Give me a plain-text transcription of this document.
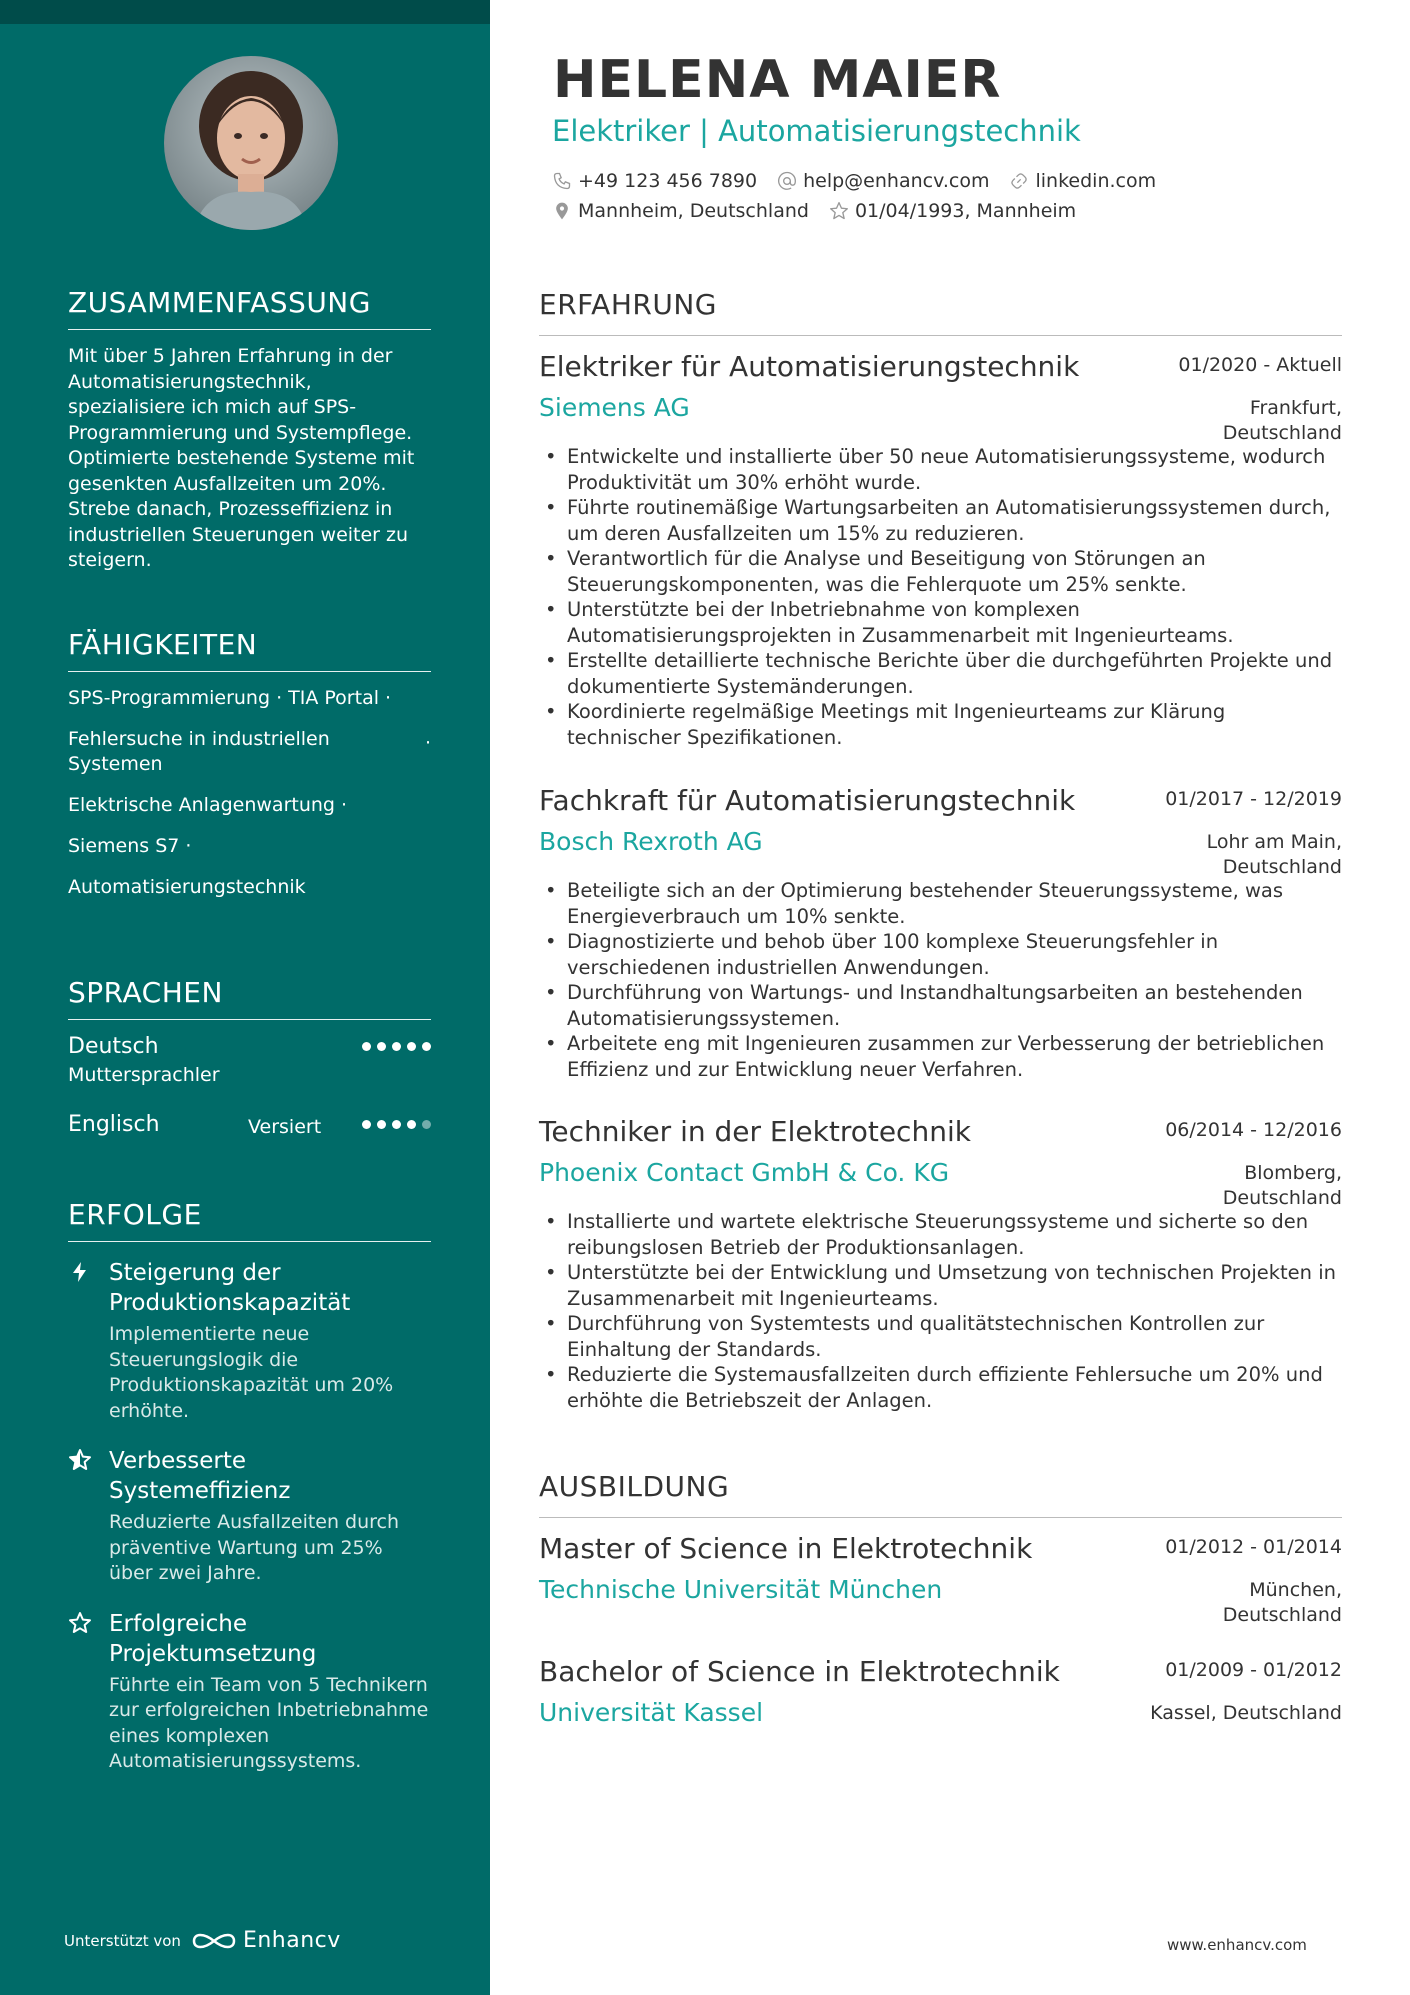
ZUSAMMENFASSUNG
Mit über 5 Jahren Erfahrung in der Automatisierungstechnik, spezialisiere ich mich auf SPS-Programmierung und Systempflege. Optimierte bestehende Systeme mit gesenkten Ausfallzeiten um 20%. Strebe danach, Prozesseffizienz in industriellen Steuerungen weiter zu steigern.
FÄHIGKEITEN
SPS-Programmierung · TIA Portal ·
Fehlersuche in industriellen Systemen
·
Elektrische Anlagenwartung ·
Siemens S7 ·
Automatisierungstechnik
SPRACHEN
Deutsch
Muttersprachler
Englisch	Versiert
ERFOLGE
Steigerung der Produktionskapazität
Implementierte neue Steuerungslogik die Produktionskapazität um 20% erhöhte.
Verbesserte Systemeffizienz
Reduzierte Ausfallzeiten durch präventive Wartung um 25% über zwei Jahre.
Erfolgreiche Projektumsetzung
Führte ein Team von 5 Technikern zur erfolgreichen Inbetriebnahme eines komplexen Automatisierungssystems.
Unterstützt von	Enhancv
HELENA MAIER
Elektriker | Automatisierungstechnik
+49 123 456 7890 help@enhancv.com linkedin.com
Mannheim, Deutschland 01/04/1993, Mannheim
ERFAHRUNG
Elektriker für Automatisierungstechnik	01/2020 - Aktuell
Siemens AG	Frankfurt, Deutschland
• Entwickelte und installierte über 50 neue Automatisierungssysteme, wodurch Produktivität um 30% erhöht wurde.
• Führte routinemäßige Wartungsarbeiten an Automatisierungssystemen durch, um deren Ausfallzeiten um 15% zu reduzieren.
• Verantwortlich für die Analyse und Beseitigung von Störungen an Steuerungskomponenten, was die Fehlerquote um 25% senkte.
• Unterstützte bei der Inbetriebnahme von komplexen Automatisierungsprojekten in Zusammenarbeit mit Ingenieurteams.
• Erstellte detaillierte technische Berichte über die durchgeführten Projekte und dokumentierte Systemänderungen.
• Koordinierte regelmäßige Meetings mit Ingenieurteams zur Klärung technischer Spezifikationen.
Fachkraft für Automatisierungstechnik	01/2017 - 12/2019
Bosch Rexroth AG	Lohr am Main, Deutschland
• Beteiligte sich an der Optimierung bestehender Steuerungssysteme, was Energieverbrauch um 10% senkte.
• Diagnostizierte und behob über 100 komplexe Steuerungsfehler in verschiedenen industriellen Anwendungen.
• Durchführung von Wartungs- und Instandhaltungsarbeiten an bestehenden Automatisierungssystemen.
• Arbeitete eng mit Ingenieuren zusammen zur Verbesserung der betrieblichen Effizienz und zur Entwicklung neuer Verfahren.
Techniker in der Elektrotechnik	06/2014 - 12/2016
Phoenix Contact GmbH & Co. KG	Blomberg, Deutschland
• Installierte und wartete elektrische Steuerungssysteme und sicherte so den reibungslosen Betrieb der Produktionsanlagen.
• Unterstützte bei der Entwicklung und Umsetzung von technischen Projekten in Zusammenarbeit mit Ingenieurteams.
• Durchführung von Systemtests und qualitätstechnischen Kontrollen zur Einhaltung der Standards.
• Reduzierte die Systemausfallzeiten durch effiziente Fehlersuche um 20% und erhöhte die Betriebszeit der Anlagen.
AUSBILDUNG
Master of Science in Elektrotechnik	01/2012 - 01/2014
Technische Universität München	München, Deutschland
Bachelor of Science in Elektrotechnik	01/2009 - 01/2012
Universität Kassel	Kassel, Deutschland
www.enhancv.com
